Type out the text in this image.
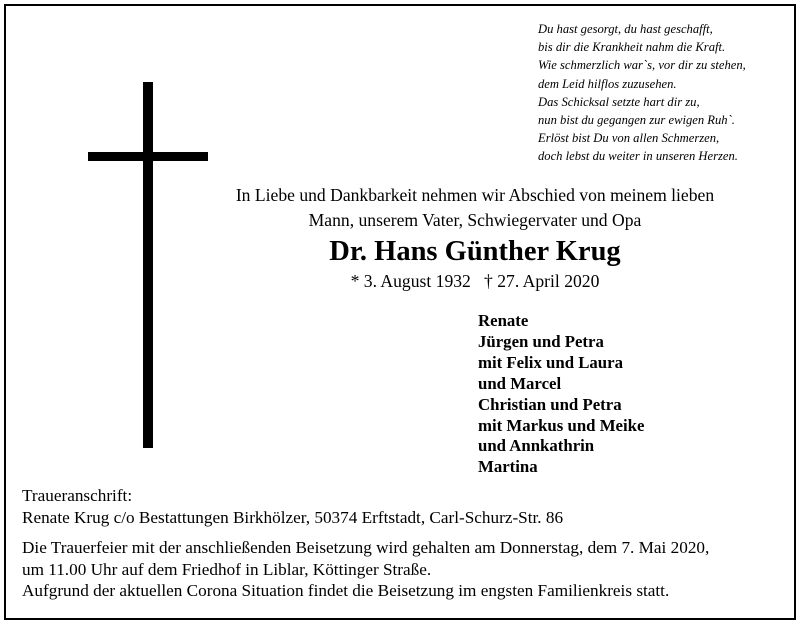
Du hast gesorgt, du hast geschafft,
bis dir die Krankheit nahm die Kraft.
Wie schmerzlich war`s, vor dir zu stehen,
dem Leid hilflos zuzusehen.
Das Schicksal setzte hart dir zu,
nun bist du gegangen zur ewigen Ruh`.
Erlöst bist Du von allen Schmerzen,
doch lebst du weiter in unseren Herzen.
In Liebe und Dankbarkeit nehmen wir Abschied von meinem lieben
Mann, unserem Vater, Schwiegervater und Opa
Dr. Hans Günther Krug
* 3. August 1932   † 27. April 2020
Renate
Jürgen und Petra
mit Felix und Laura
und Marcel
Christian und Petra
mit Markus und Meike
und Annkathrin
Martina
Traueranschrift:
Renate Krug c/o Bestattungen Birkhölzer, 50374 Erftstadt, Carl-Schurz-Str. 86
Die Trauerfeier mit der anschließenden Beisetzung wird gehalten am Donnerstag, dem 7. Mai 2020,
um 11.00 Uhr auf dem Friedhof in Liblar, Köttinger Straße.
Aufgrund der aktuellen Corona Situation findet die Beisetzung im engsten Familienkreis statt.
